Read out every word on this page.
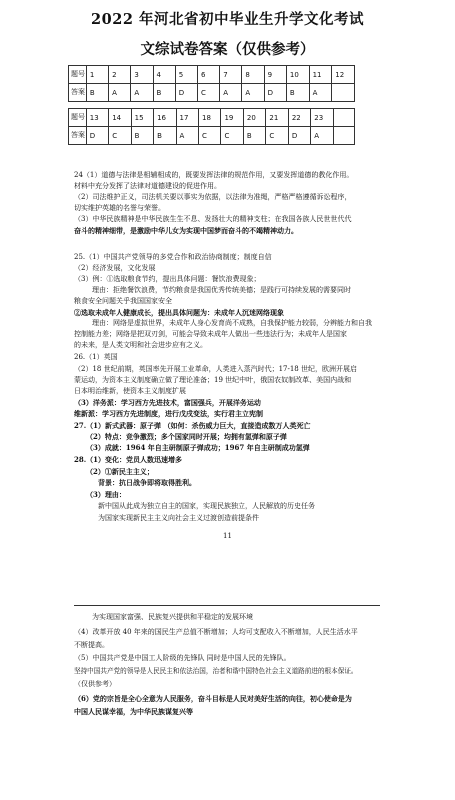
2022 年河北省初中毕业生升学文化考试
文综试卷答案（仅供参考）
题号	1	2	3	4	5	6	7	8	9	10	11	12
答案	B	A	A	B	D	C	A	A	D	B	A	
题号	13	14	15	16	17	18	19	20	21	22	23	
答案	D	C	B	B	A	C	C	B	C	D	A	
24（1）道德与法律是相辅相成的，既要发挥法律的规范作用，又要发挥道德的教化作用。
材料中充分发挥了法律对道德建设的促进作用。
（2）司法维护正义，司法机关要以事实为依据，以法律为准绳，严格严格遵循诉讼程序，
切实维护英雄的名誉与荣誉。
（3）中华民族精神是中华民族生生不息、发扬壮大的精神支柱；在我国各族人民世世代代
奋斗的精神细带，是激励中华儿女为实现中国梦而奋斗的不竭精神动力。
25.（1）中国共产党领导的多党合作和政治协商制度；制度自信
（2）经济发展，文化发展
（3）例：①选取粮食节约，提出具体问题：餐饮浪费现象；
理由：拒绝餐饮浪费，节约粮食是我国优秀传统美德；是践行可持续发展的需要同时
粮食安全问题关乎我国国家安全
②选取未成年人健康成长，提出具体问题为：未成年人沉迷网络现象
理由：网络是虚拟世界，未成年人身心发育尚不成熟，自我保护能力较弱，分辨能力和自我
控制能力差；网络是把双刃剑，可能会导致未成年人做出一些违法行为；未成年人是国家
的未来，是人类文明和社会进步应有之义。
26.（1）英国
（2）18 世纪前期，英国率先开展工业革命，人类进入蒸汽时代；17-18 世纪，欧洲开展启
蒙运动，为资本主义制度确立做了理论准备；19 世纪中叶，俄国农奴制改革、美国内战和
日本明治维新，使资本主义制度扩展
（3）洋务派：学习西方先进技术，富国强兵，开展洋务运动
维新派：学习西方先进制度，进行戊戌变法，实行君主立宪制
27.（1）新式武器：原子弹 （如何：杀伤威力巨大，直接造成数万人类死亡
（2）特点：竞争激烈；多个国家同时开展；均拥有氢弹和原子弹
（3）成就：1964 年自主研制原子弹成功；1967 年自主研制成功氢弹
28.（1）变化：党员人数迅速增多
（2）①新民主主义；
背景：抗日战争即将取得胜利。
（3）理由：
新中国从此成为独立自主的国家，实现民族独立，人民解放的历史任务
为国家实现新民主主义向社会主义过渡创造前提条件
11
为实现国家富强、民族复兴提供和平稳定的发展环境
（4）改革开放 40 年来的国民生产总值不断增加；人均可支配收入不断增加，人民生活水平
不断提高。
（5）中国共产党是中国工人阶级的先锋队 同时是中国人民的先锋队。
坚持中国共产党的领导是人民民主和依法治国，治者和谐中国特色社会主义道路前进的根本保证。
（仅供参考）
（6）党的宗旨是全心全意为人民服务，奋斗目标是人民对美好生活的向往，初心使命是为
中国人民谋幸福，为中华民族谋复兴等
